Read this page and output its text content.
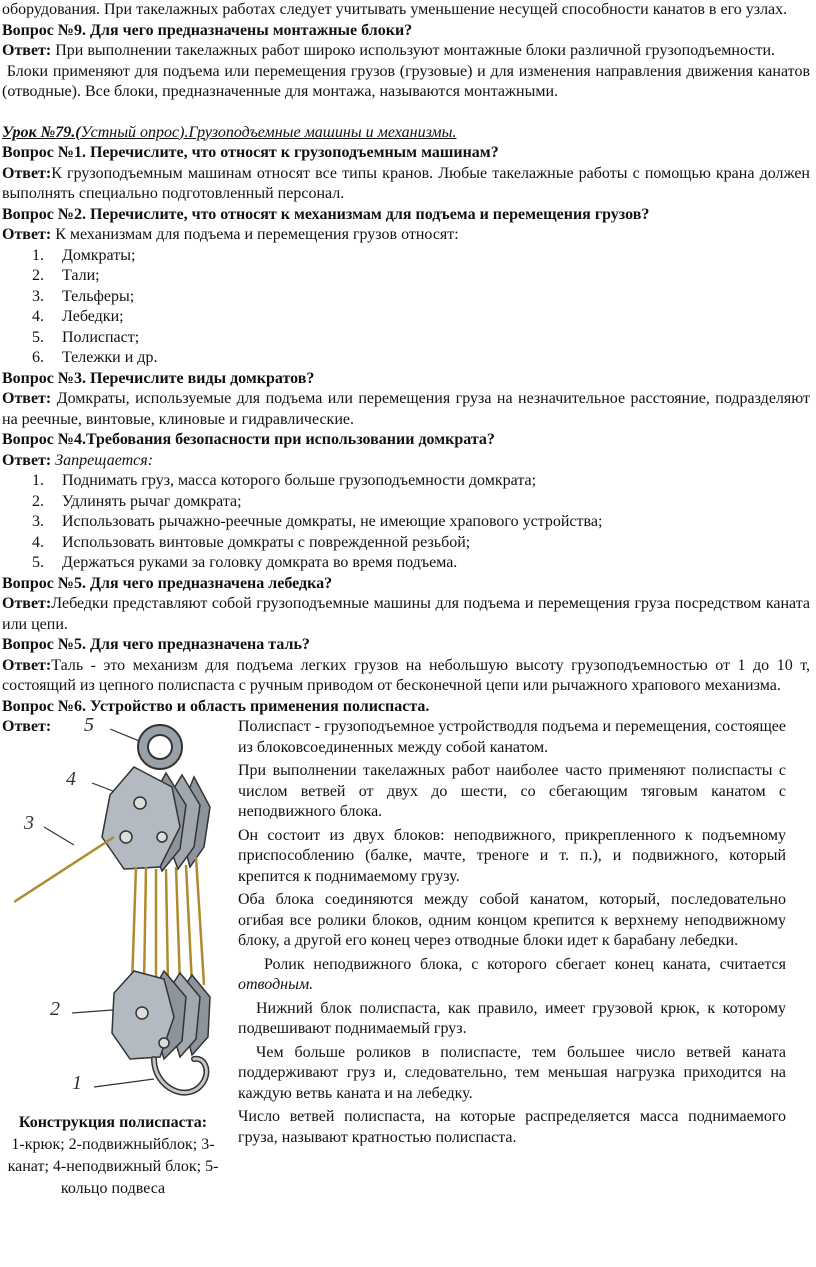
оборудования. При такелажных работах следует учитывать уменьшение несущей способности канатов в его узлах.

Вопрос №9. Для чего предназначены монтажные блоки?

Ответ: При выполнении такелажных работ широко используют монтажные блоки различной грузоподъемности.

Блоки применяют для подъема или перемещения грузов (грузовые) и для изменения направления движения канатов (отводные). Все блоки, предназначенные для монтажа, называются монтажными.

Урок №79.(Устный опрос).Грузоподъемные машины и механизмы.

Вопрос №1. Перечислите, что относят к грузоподъемным машинам?

Ответ:К грузоподъемным машинам относят все типы кранов. Любые такелажные работы с помощью крана должен выполнять специально подготовленный персонал.

Вопрос №2. Перечислите, что относят к механизмам для подъема и перемещения грузов?

Ответ: К механизмам для подъема и перемещения грузов относят:

1. Домкраты;
2. Тали;
3. Тельферы;
4. Лебедки;
5. Полиспаст;
6. Тележки и др.

Вопрос №3. Перечислите виды домкратов?

Ответ: Домкраты, используемые для подъема или перемещения груза на незначительное расстояние, подразделяют на реечные, винтовые, клиновые и гидравлические.

Вопрос №4.Требования безопасности при использовании домкрата?

Ответ: Запрещается:

1. Поднимать груз, масса которого больше грузоподъемности домкрата;
2. Удлинять рычаг домкрата;
3. Использовать рычажно-реечные домкраты, не имеющие храпового устройства;
4. Использовать винтовые домкраты с поврежденной резьбой;
5. Держаться руками за головку домкрата во время подъема.

Вопрос №5. Для чего предназначена лебедка?

Ответ:Лебедки представляют собой грузоподъемные машины для подъема и перемещения груза посредством каната или цепи.

Вопрос №5. Для чего предназначена таль?

Ответ:Таль - это механизм для подъема легких грузов на небольшую высоту грузоподъемностью от 1 до 10 т, состоящий из цепного полиспаста с ручным приводом от бесконечной цепи или рычажного храпового механизма.

Вопрос №6. Устройство и область применения полиспаста.

Ответ:	5
4
3
2
1
Конструкция полиспаста:
1-крюк; 2-подвижныйблок; 3-канат; 4-неподвижный блок; 5-кольцо подвеса

Полиспаст - грузоподъемное устройстводля подъема и перемещения, состоящее из блоковсоединенных между собой канатом.

При выполнении такелажных работ наиболее часто применяют полиспасты с числом ветвей от двух до шести, со сбегающим тяговым канатом с неподвижного блока.

Он состоит из двух блоков: неподвижного, прикрепленного к подъемному приспособлению (балке, мачте, треноге и т. п.), и подвижного, который крепится к поднимаемому грузу.

Оба блока соединяются между собой канатом, который, последовательно огибая все ролики блоков, одним концом крепится к верхнему неподвижному блоку, а другой его конец через отводные блоки идет к барабану лебедки.

Ролик неподвижного блока, с которого сбегает конец каната, считается отводным.

Нижний блок полиспаста, как правило, имеет грузовой крюк, к которому подвешивают поднимаемый груз.

Чем больше роликов в полиспасте, тем большее число ветвей каната поддерживают груз и, следовательно, тем меньшая нагрузка приходится на каждую ветвь каната и на лебедку.

Число ветвей полиспаста, на которые распределяется масса поднимаемого груза, называют кратностью полиспаста.
